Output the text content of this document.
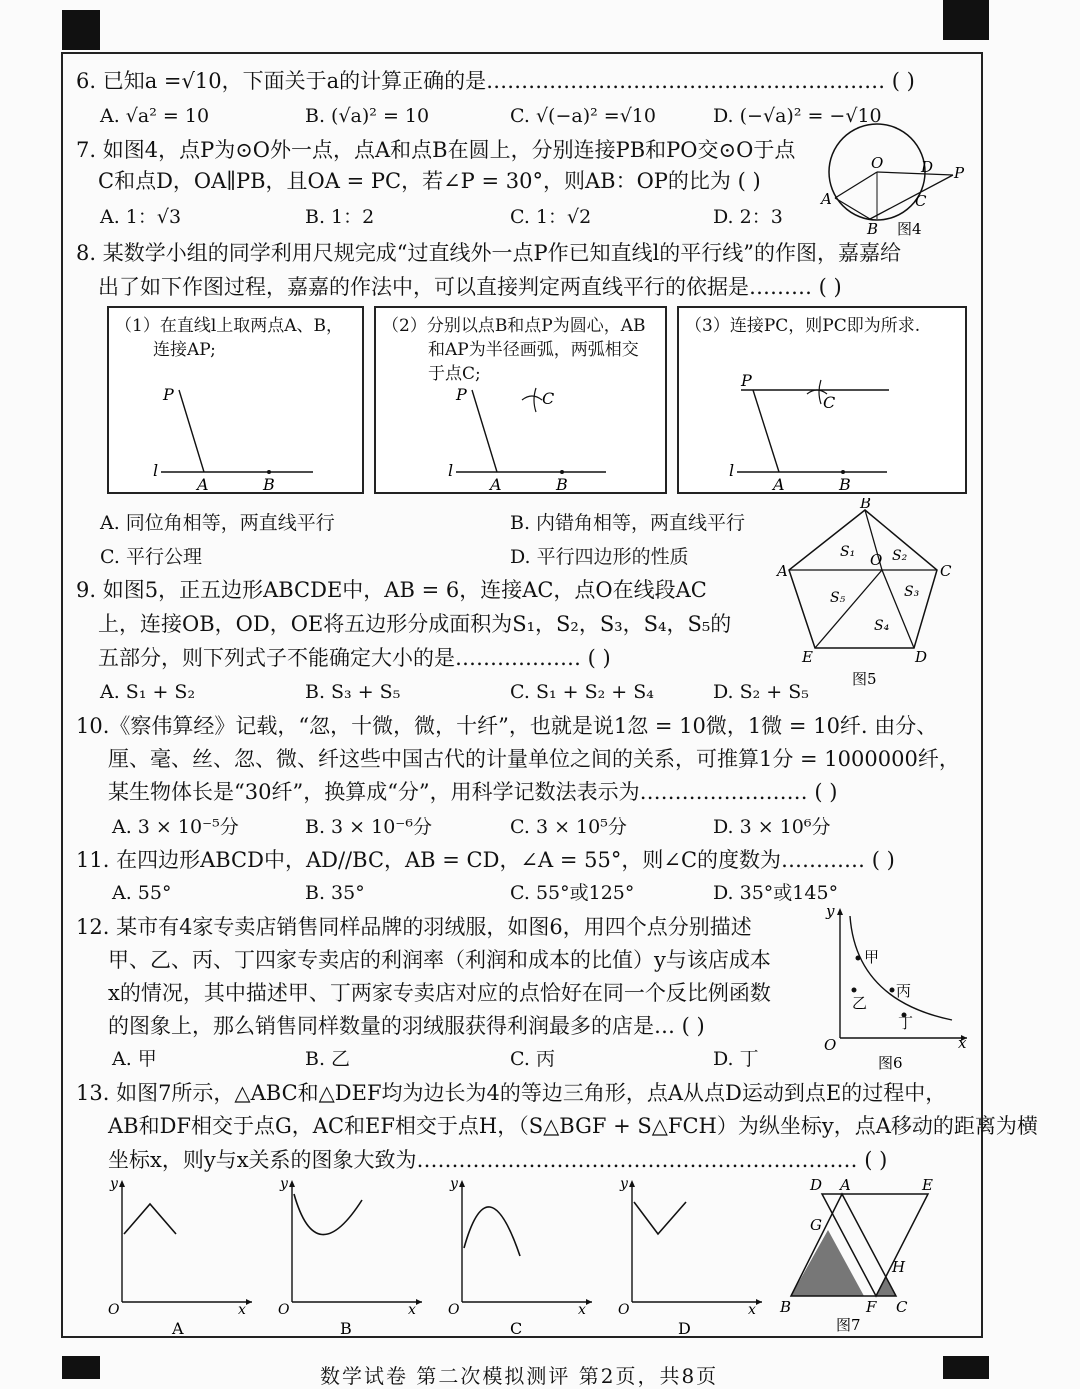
6. 已知a =√10，下面关于a的计算正确的是………………………………………………… ( )
A. √a² = 10	B. (√a)² = 10	C. √(−a)² =√10	D. (−√a)² = −√10
7. 如图4，点P为⊙O外一点，点A和点B在圆上，分别连接PB和PO交⊙O于点
C和点D，OA∥PB，且OA = PC，若∠P = 30°，则AB：OP的比为 ( )
A. 1：√3	B. 1：2	C. 1：√2	D. 2：3
O	D P
A	C
B 图4
8. 某数学小组的同学利用尺规完成“过直线外一点P作已知直线l的平行线”的作图，嘉嘉给
出了如下作图过程，嘉嘉的作法中，可以直接判定两直线平行的依据是……… ( )
（1）在直线l上取两点A、B，
连接AP;
P
l
A	B
（2）分别以点B和点P为圆心，AB
和AP为半径画弧，两弧相交
于点C;
P	C
l
A	B
（3）连接PC，则PC即为所求.
P
C
l
A	B
A. 同位角相等，两直线平行	B. 内错角相等，两直线平行
C. 平行公理	D. 平行四边形的性质
B
A	C
O
E	D
S₁	S₂
S₃
S₄
S₅
图5
9. 如图5，正五边形ABCDE中，AB = 6，连接AC，点O在线段AC
上，连接OB，OD，OE将五边形分成面积为S₁，S₂，S₃，S₄，S₅的
五部分，则下列式子不能确定大小的是……………… ( )
A. S₁ + S₂	B. S₃ + S₅	C. S₁ + S₂ + S₄	D. S₂ + S₅
10.《察伟算经》记载，“忽，十微，微，十纤”，也就是说1忽 = 10微，1微 = 10纤. 由分、
厘、毫、丝、忽、微、纤这些中国古代的计量单位之间的关系，可推算1分 = 1000000纤，
某生物体长是“30纤”，换算成“分”，用科学记数法表示为…………………… ( )
A. 3 × 10⁻⁵分	B. 3 × 10⁻⁶分	C. 3 × 10⁵分	D. 3 × 10⁶分
11. 在四边形ABCD中，AD//BC，AB = CD，∠A = 55°，则∠C的度数为………… ( )
A. 55°	B. 35°	C. 55°或125°	D. 35°或145°
12. 某市有4家专卖店销售同样品牌的羽绒服，如图6，用四个点分别描述
甲、乙、丙、丁四家专卖店的利润率（利润和成本的比值）y与该店成本
x的情况，其中描述甲、丁两家专卖店对应的点恰好在同一个反比例函数
的图象上，那么销售同样数量的羽绒服获得利润最多的店是… ( )
A. 甲	B. 乙	C. 丙	D. 丁
y
x
O
甲
乙
丙
丁
图6
13. 如图7所示，△ABC和△DEF均为边长为4的等边三角形，点A从点D运动到点E的过程中，
AB和DF相交于点G，AC和EF相交于点H，（S△BGF + S△FCH）为纵坐标y，点A移动的距离为横
坐标x，则y与x关系的图象大致为……………………………………………………… ( )
y
x
O
A
y
x
O
B
y
x
O
C
y
x
O
D
D A	E
G
H
B	F C
图7
数学试卷 第二次模拟测评 第2页，共8页
